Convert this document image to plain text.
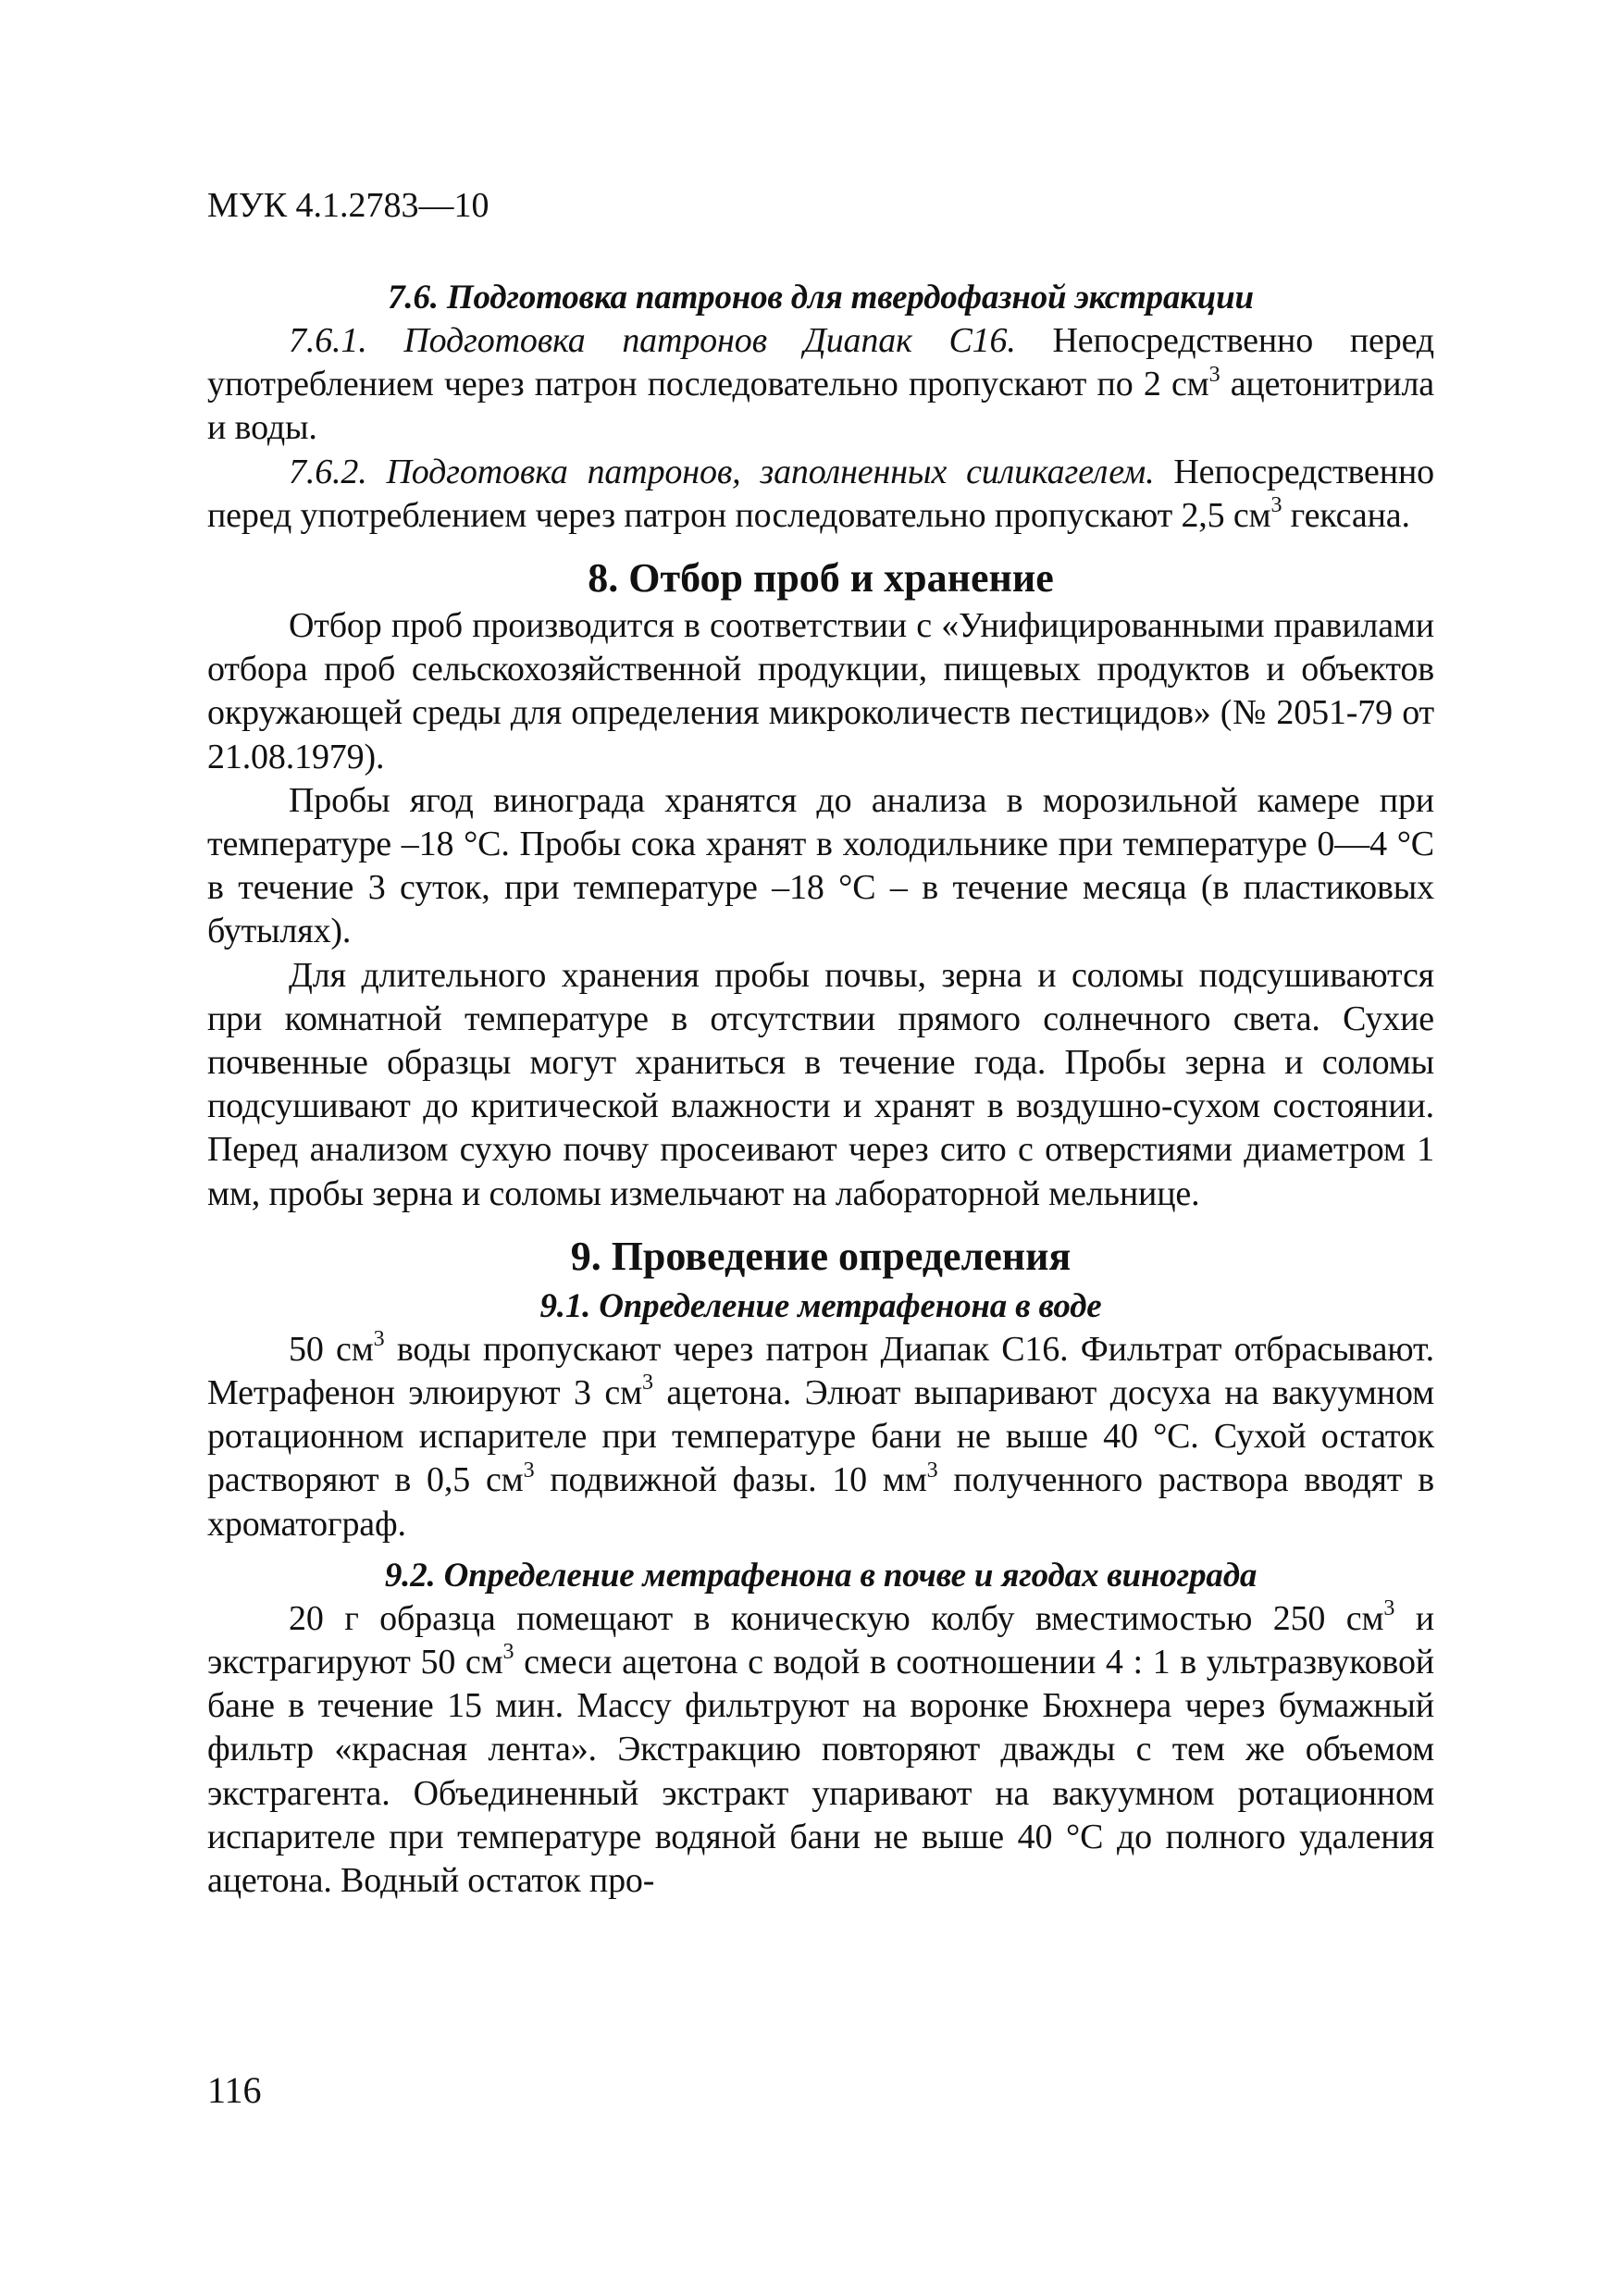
МУК 4.1.2783—10
7.6. Подготовка патронов для твердофазной экстракции

7.6.1. Подготовка патронов Диапак С16. Непосредственно перед употреблением через патрон последовательно пропускают по 2 $см^3$ ацетонитрила и воды.

7.6.2. Подготовка патронов, заполненных силикагелем. Непосредственно перед употреблением через патрон последовательно пропускают 2,5 $см^3$ гексана.

8. Отбор проб и хранение

Отбор проб производится в соответствии с «Унифицированными правилами отбора проб сельскохозяйственной продукции, пищевых продуктов и объектов окружающей среды для определения микроколичеств пестицидов» (№ 2051-79 от 21.08.1979).

Пробы ягод винограда хранятся до анализа в морозильной камере при температуре –18 °С. Пробы сока хранят в холодильнике при температуре 0—4 °С в течение 3 суток, при температуре –18 °С – в течение месяца (в пластиковых бутылях).

Для длительного хранения пробы почвы, зерна и соломы подсушиваются при комнатной температуре в отсутствии прямого солнечного света. Сухие почвенные образцы могут храниться в течение года. Пробы зерна и соломы подсушивают до критической влажности и хранят в воздушно-сухом состоянии. Перед анализом сухую почву просеивают через сито с отверстиями диаметром 1 мм, пробы зерна и соломы измельчают на лабораторной мельнице.

9. Проведение определения
9.1. Определение метрафенона в воде

50 $см^3$ воды пропускают через патрон Диапак С16. Фильтрат отбрасывают. Метрафенон элюируют 3 $см^3$ ацетона. Элюат выпаривают досуха на вакуумном ротационном испарителе при температуре бани не выше 40 °С. Сухой остаток растворяют в 0,5 $см^3$ подвижной фазы. 10 $мм^3$ полученного раствора вводят в хроматограф.

9.2. Определение метрафенона в почве и ягодах винограда

20 г образца помещают в коническую колбу вместимостью 250 $см^3$ и экстрагируют 50 $см^3$ смеси ацетона с водой в соотношении 4 : 1 в ультразвуковой бане в течение 15 мин. Массу фильтруют на воронке Бюхнера через бумажный фильтр «красная лента». Экстракцию повторяют дважды с тем же объемом экстрагента. Объединенный экстракт упаривают на вакуумном ротационном испарителе при температуре водяной бани не выше 40 °С до полного удаления ацетона. Водный остаток про-

116
